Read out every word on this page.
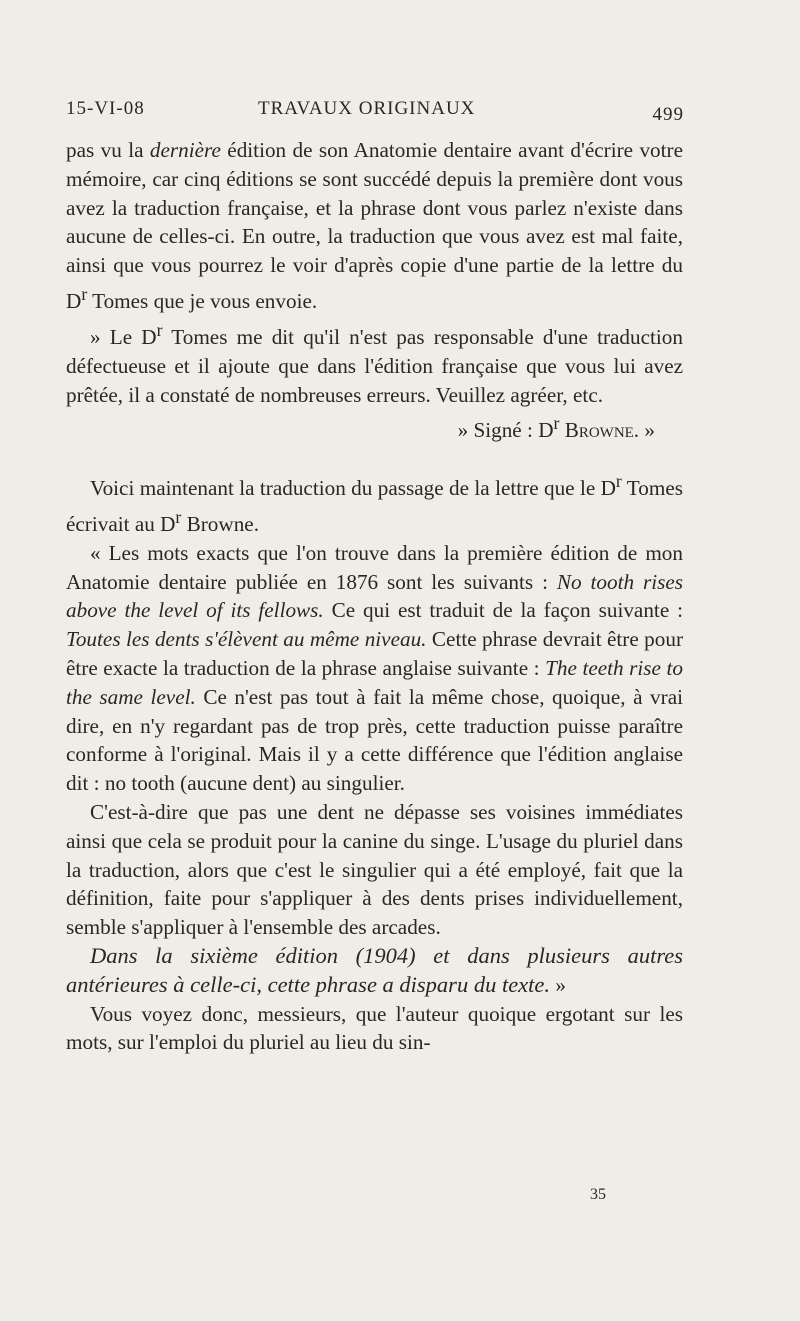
15-VI-08	TRAVAUX ORIGINAUX	499

pas vu la dernière édition de son Anatomie dentaire avant d'écrire votre mémoire, car cinq éditions se sont succédé depuis la première dont vous avez la traduction française, et la phrase dont vous parlez n'existe dans aucune de celles-ci. En outre, la traduction que vous avez est mal faite, ainsi que vous pourrez le voir d'après copie d'une partie de la lettre du $D^r$ Tomes que je vous envoie.

» Le $D^r$ Tomes me dit qu'il n'est pas responsable d'une traduction défectueuse et il ajoute que dans l'édition française que vous lui avez prêtée, il a constaté de nombreuses erreurs. Veuillez agréer, etc.

» Signé : $D^r$ Browne. »

Voici maintenant la traduction du passage de la lettre que le $D^r$ Tomes écrivait au $D^r$ Browne.

« Les mots exacts que l'on trouve dans la première édition de mon Anatomie dentaire publiée en 1876 sont les suivants : No tooth rises above the level of its fellows. Ce qui est traduit de la façon suivante : Toutes les dents s'élèvent au même niveau. Cette phrase devrait être pour être exacte la traduction de la phrase anglaise suivante : The teeth rise to the same level. Ce n'est pas tout à fait la même chose, quoique, à vrai dire, en n'y regardant pas de trop près, cette traduction puisse paraître conforme à l'original. Mais il y a cette différence que l'édition anglaise dit : no tooth (aucune dent) au singulier.

C'est-à-dire que pas une dent ne dépasse ses voisines immédiates ainsi que cela se produit pour la canine du singe. L'usage du pluriel dans la traduction, alors que c'est le singulier qui a été employé, fait que la définition, faite pour s'appliquer à des dents prises individuellement, semble s'appliquer à l'ensemble des arcades.

Dans la sixième édition (1904) et dans plusieurs autres antérieures à celle-ci, cette phrase a disparu du texte. »

Vous voyez donc, messieurs, que l'auteur quoique ergotant sur les mots, sur l'emploi du pluriel au lieu du sin-

35
